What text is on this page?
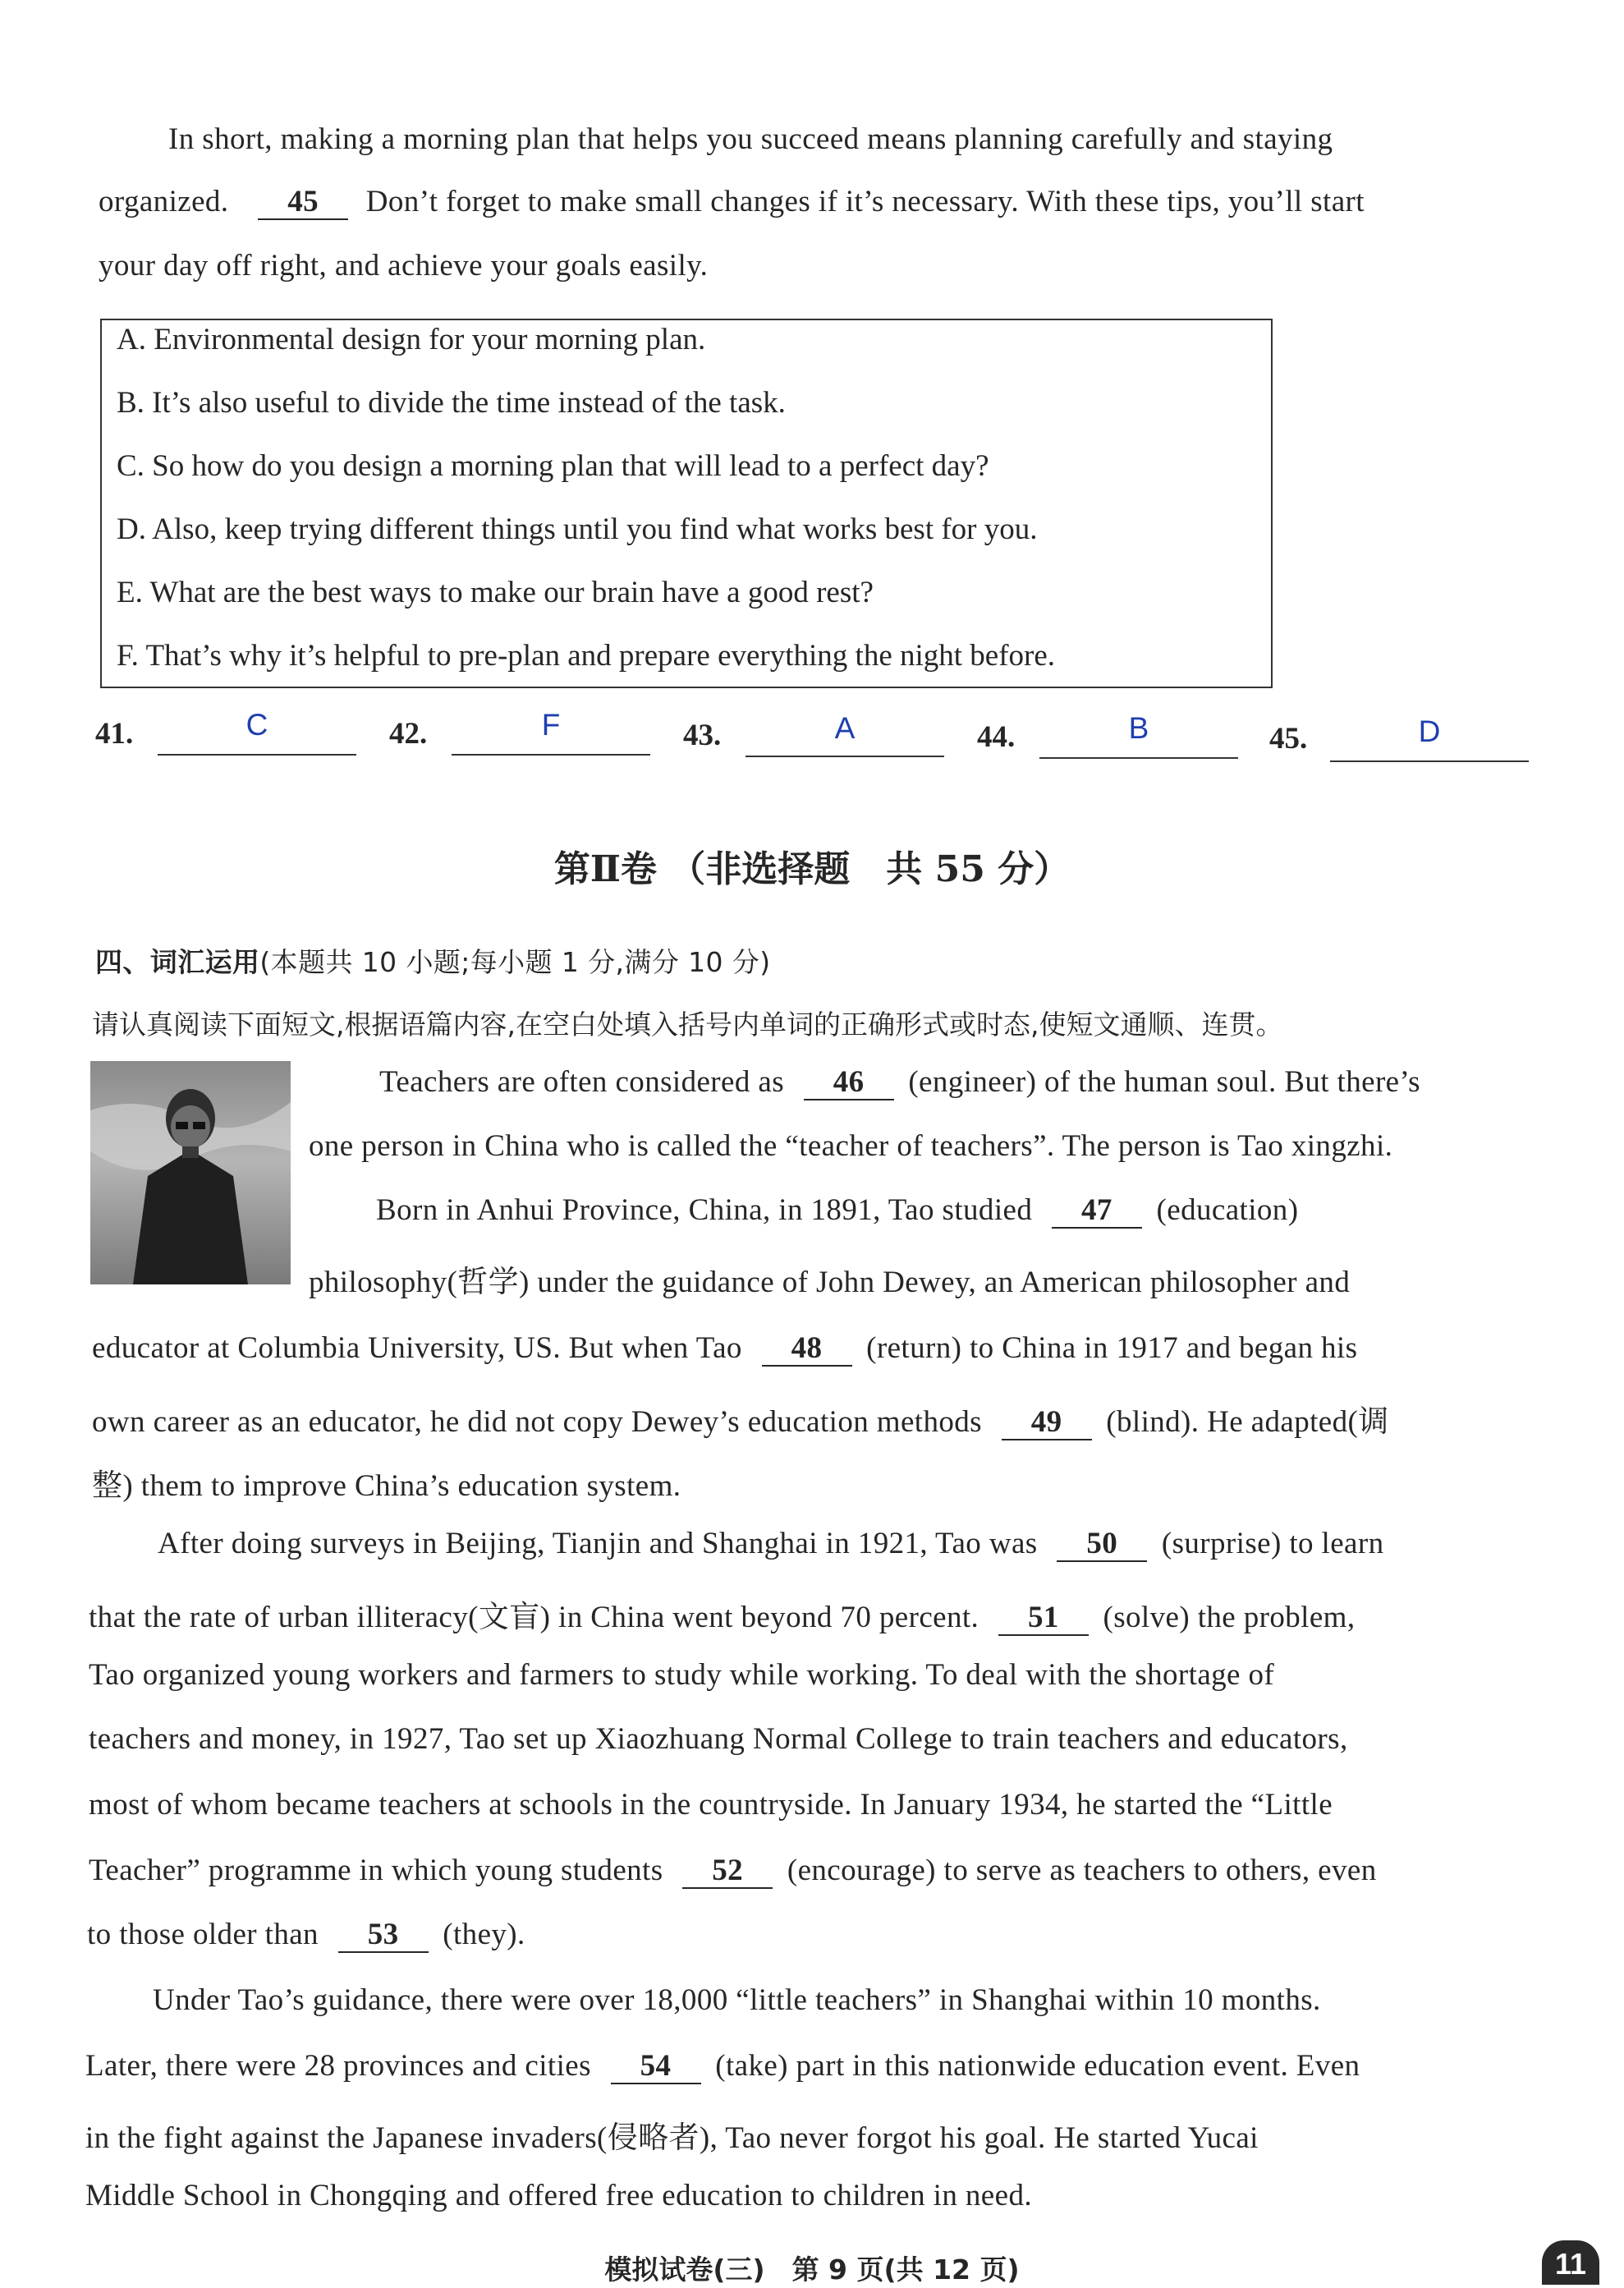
In short, making a morning plan that helps you succeed means planning carefully and staying
organized. 45 Don’t forget to make small changes if it’s necessary. With these tips, you’ll start
your day off right, and achieve your goals easily.
A. Environmental design for your morning plan.
B. It’s also useful to divide the time instead of the task.
C. So how do you design a morning plan that will lead to a perfect day?
D. Also, keep trying different things until you find what works best for you.
E. What are the best ways to make our brain have a good rest?
F. That’s why it’s helpful to pre-plan and prepare everything the night before.
41.	C	42.	F	43.	A	44.	B	45.	D
第Ⅱ卷 （非选择题　共 55 分）
四、词汇运用(本题共 10 小题;每小题 1 分,满分 10 分)
请认真阅读下面短文,根据语篇内容,在空白处填入括号内单词的正确形式或时态,使短文通顺、连贯。
Teachers are often considered as 46 (engineer) of the human soul. But there’s
one person in China who is called the “teacher of teachers”. The person is Tao xingzhi.
Born in Anhui Province, China, in 1891, Tao studied 47 (education)
philosophy(哲学) under the guidance of John Dewey, an American philosopher and
educator at Columbia University, US. But when Tao 48 (return) to China in 1917 and began his
own career as an educator, he did not copy Dewey’s education methods 49 (blind). He adapted(调
整) them to improve China’s education system.
After doing surveys in Beijing, Tianjin and Shanghai in 1921, Tao was 50 (surprise) to learn
that the rate of urban illiteracy(文盲) in China went beyond 70 percent. 51 (solve) the problem,
Tao organized young workers and farmers to study while working. To deal with the shortage of
teachers and money, in 1927, Tao set up Xiaozhuang Normal College to train teachers and educators,
most of whom became teachers at schools in the countryside. In January 1934, he started the “Little
Teacher” programme in which young students 52 (encourage) to serve as teachers to others, even
to those older than 53 (they).
Under Tao’s guidance, there were over 18,000 “little teachers” in Shanghai within 10 months.
Later, there were 28 provinces and cities 54 (take) part in this nationwide education event. Even
in the fight against the Japanese invaders(侵略者), Tao never forgot his goal. He started Yucai
Middle School in Chongqing and offered free education to children in need.
模拟试卷(三)　第 9 页(共 12 页)	11
